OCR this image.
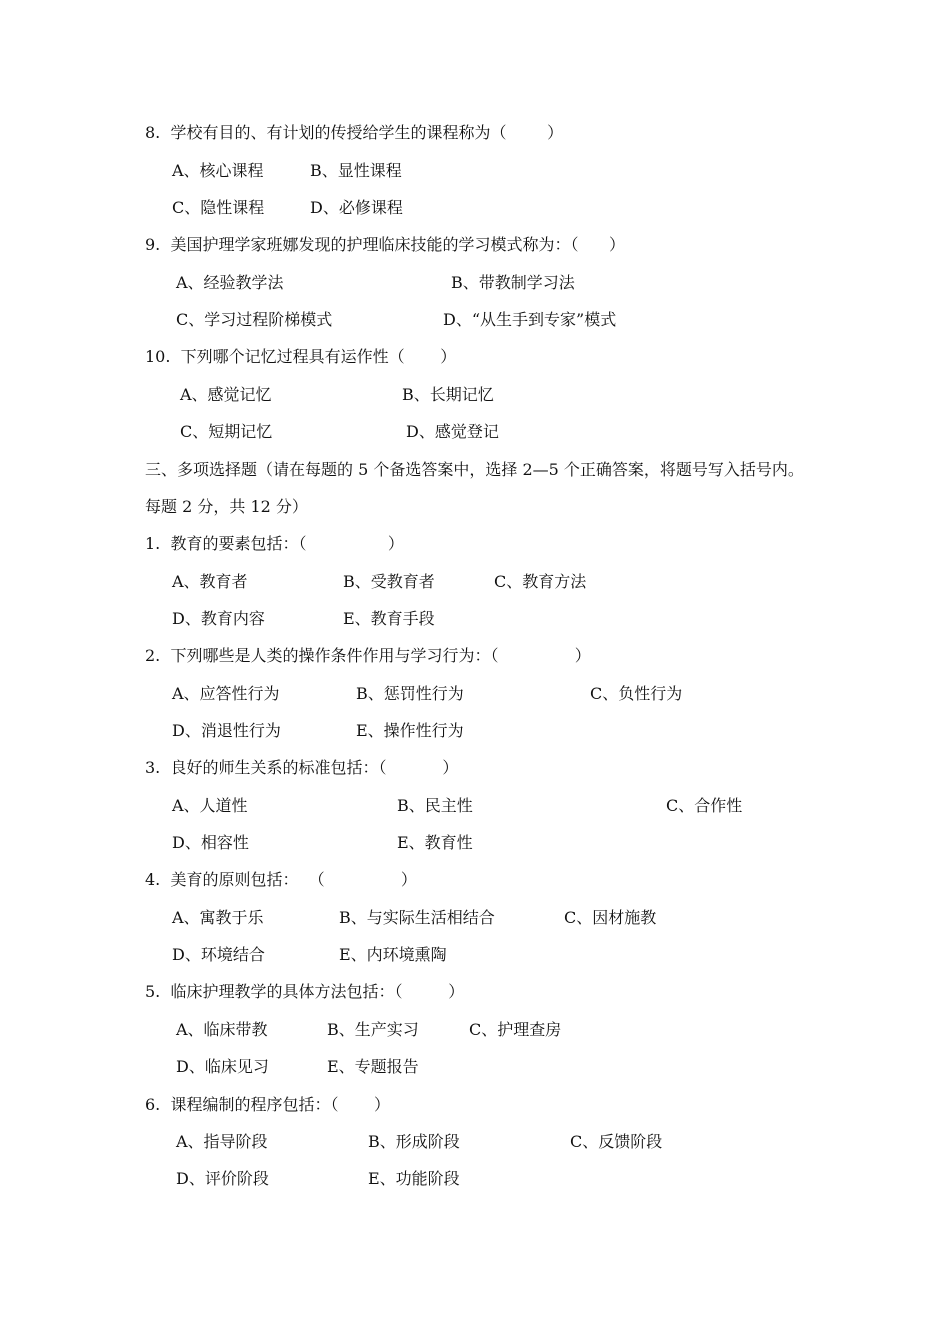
8.  学校有目的、有计划的传授给学生的课程称为（        ）
A、核心课程	B、显性课程
C、隐性课程	D、必修课程
9.  美国护理学家班娜发现的护理临床技能的学习模式称为：（      ）
A、经验教学法	B、带教制学习法
C、学习过程阶梯模式	D、“从生手到专家”模式
10.  下列哪个记忆过程具有运作性（       ）
A、感觉记忆	B、长期记忆
C、短期记忆	D、感觉登记
三、多项选择题（请在每题的 5 个备选答案中，选择 2—5 个正确答案，将题号写入括号内。
每题 2 分，共 12 分）
1.  教育的要素包括：（                ）
A、教育者	B、受教育者	C、教育方法
D、教育内容	E、教育手段
2.  下列哪些是人类的操作条件作用与学习行为：（               ）
A、应答性行为	B、惩罚性行为	C、负性行为
D、消退性行为	E、操作性行为
3.  良好的师生关系的标准包括：（           ）
A、人道性	B、民主性	C、合作性
D、相容性	E、教育性
4.  美育的原则包括：  （               ）
A、寓教于乐	B、与实际生活相结合	C、因材施教
D、环境结合	E、内环境熏陶
5.  临床护理教学的具体方法包括：（         ）
A、临床带教	B、生产实习	C、护理查房
D、临床见习	E、专题报告
6.  课程编制的程序包括：（       ）
A、指导阶段	B、形成阶段	C、反馈阶段
D、评价阶段	E、功能阶段
